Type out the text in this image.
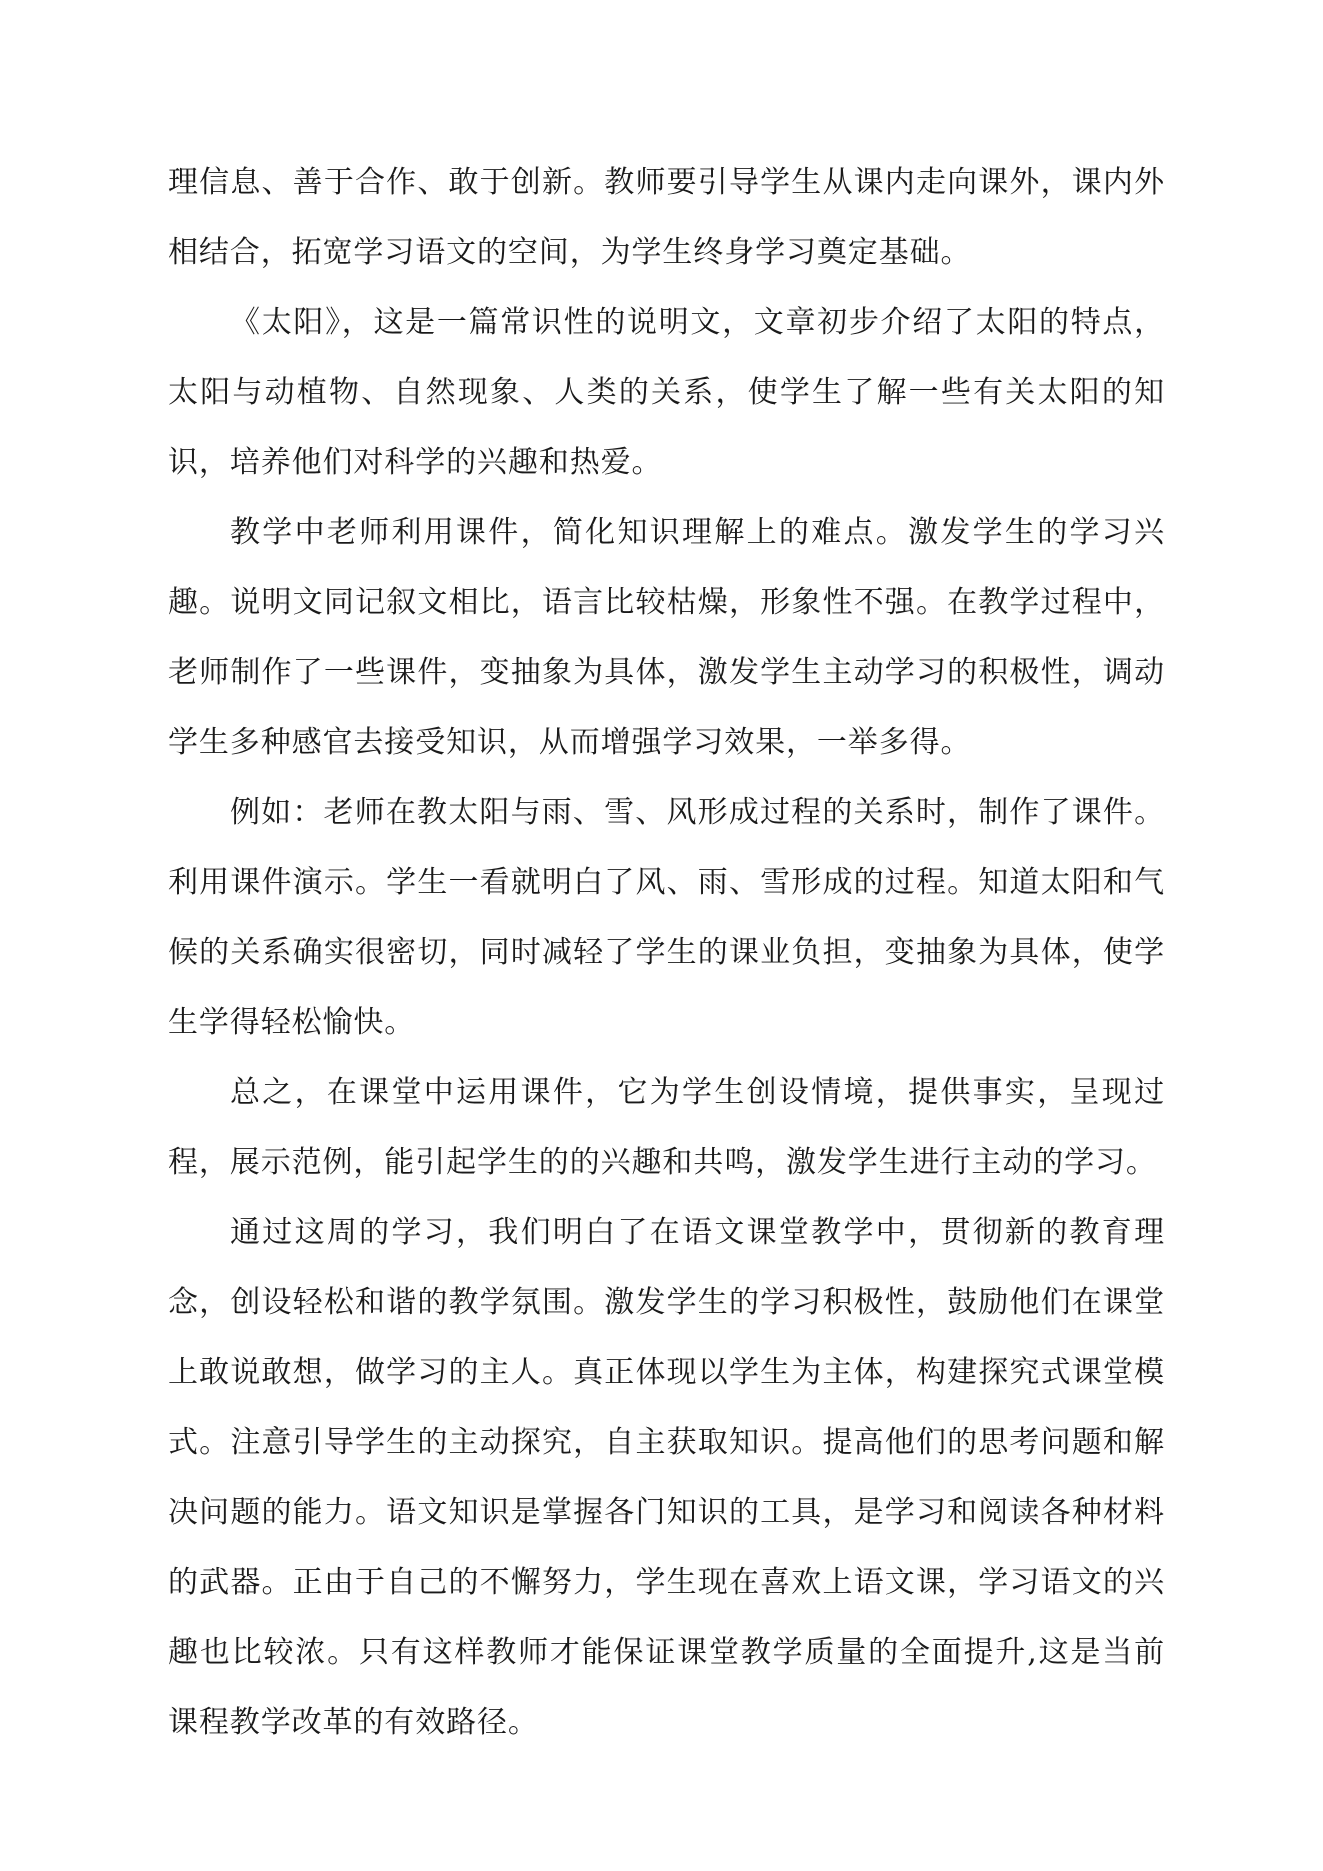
理信息、善于合作、敢于创新。教师要引导学生从课内走向课外，课内外相结合，拓宽学习语文的空间，为学生终身学习奠定基础。

《太阳》，这是一篇常识性的说明文，文章初步介绍了太阳的特点，太阳与动植物、自然现象、人类的关系，使学生了解一些有关太阳的知识，培养他们对科学的兴趣和热爱。

教学中老师利用课件，简化知识理解上的难点。激发学生的学习兴趣。说明文同记叙文相比，语言比较枯燥，形象性不强。在教学过程中，老师制作了一些课件，变抽象为具体，激发学生主动学习的积极性，调动学生多种感官去接受知识，从而增强学习效果，一举多得。

例如：老师在教太阳与雨、雪、风形成过程的关系时，制作了课件。利用课件演示。学生一看就明白了风、雨、雪形成的过程。知道太阳和气候的关系确实很密切，同时减轻了学生的课业负担，变抽象为具体，使学生学得轻松愉快。

总之，在课堂中运用课件，它为学生创设情境，提供事实，呈现过程，展示范例，能引起学生的的兴趣和共鸣，激发学生进行主动的学习。

通过这周的学习，我们明白了在语文课堂教学中，贯彻新的教育理念，创设轻松和谐的教学氛围。激发学生的学习积极性，鼓励他们在课堂上敢说敢想，做学习的主人。真正体现以学生为主体，构建探究式课堂模式。注意引导学生的主动探究，自主获取知识。提高他们的思考问题和解决问题的能力。语文知识是掌握各门知识的工具，是学习和阅读各种材料的武器。正由于自己的不懈努力，学生现在喜欢上语文课，学习语文的兴趣也比较浓。只有这样教师才能保证课堂教学质量的全面提升,这是当前课程教学改革的有效路径。
